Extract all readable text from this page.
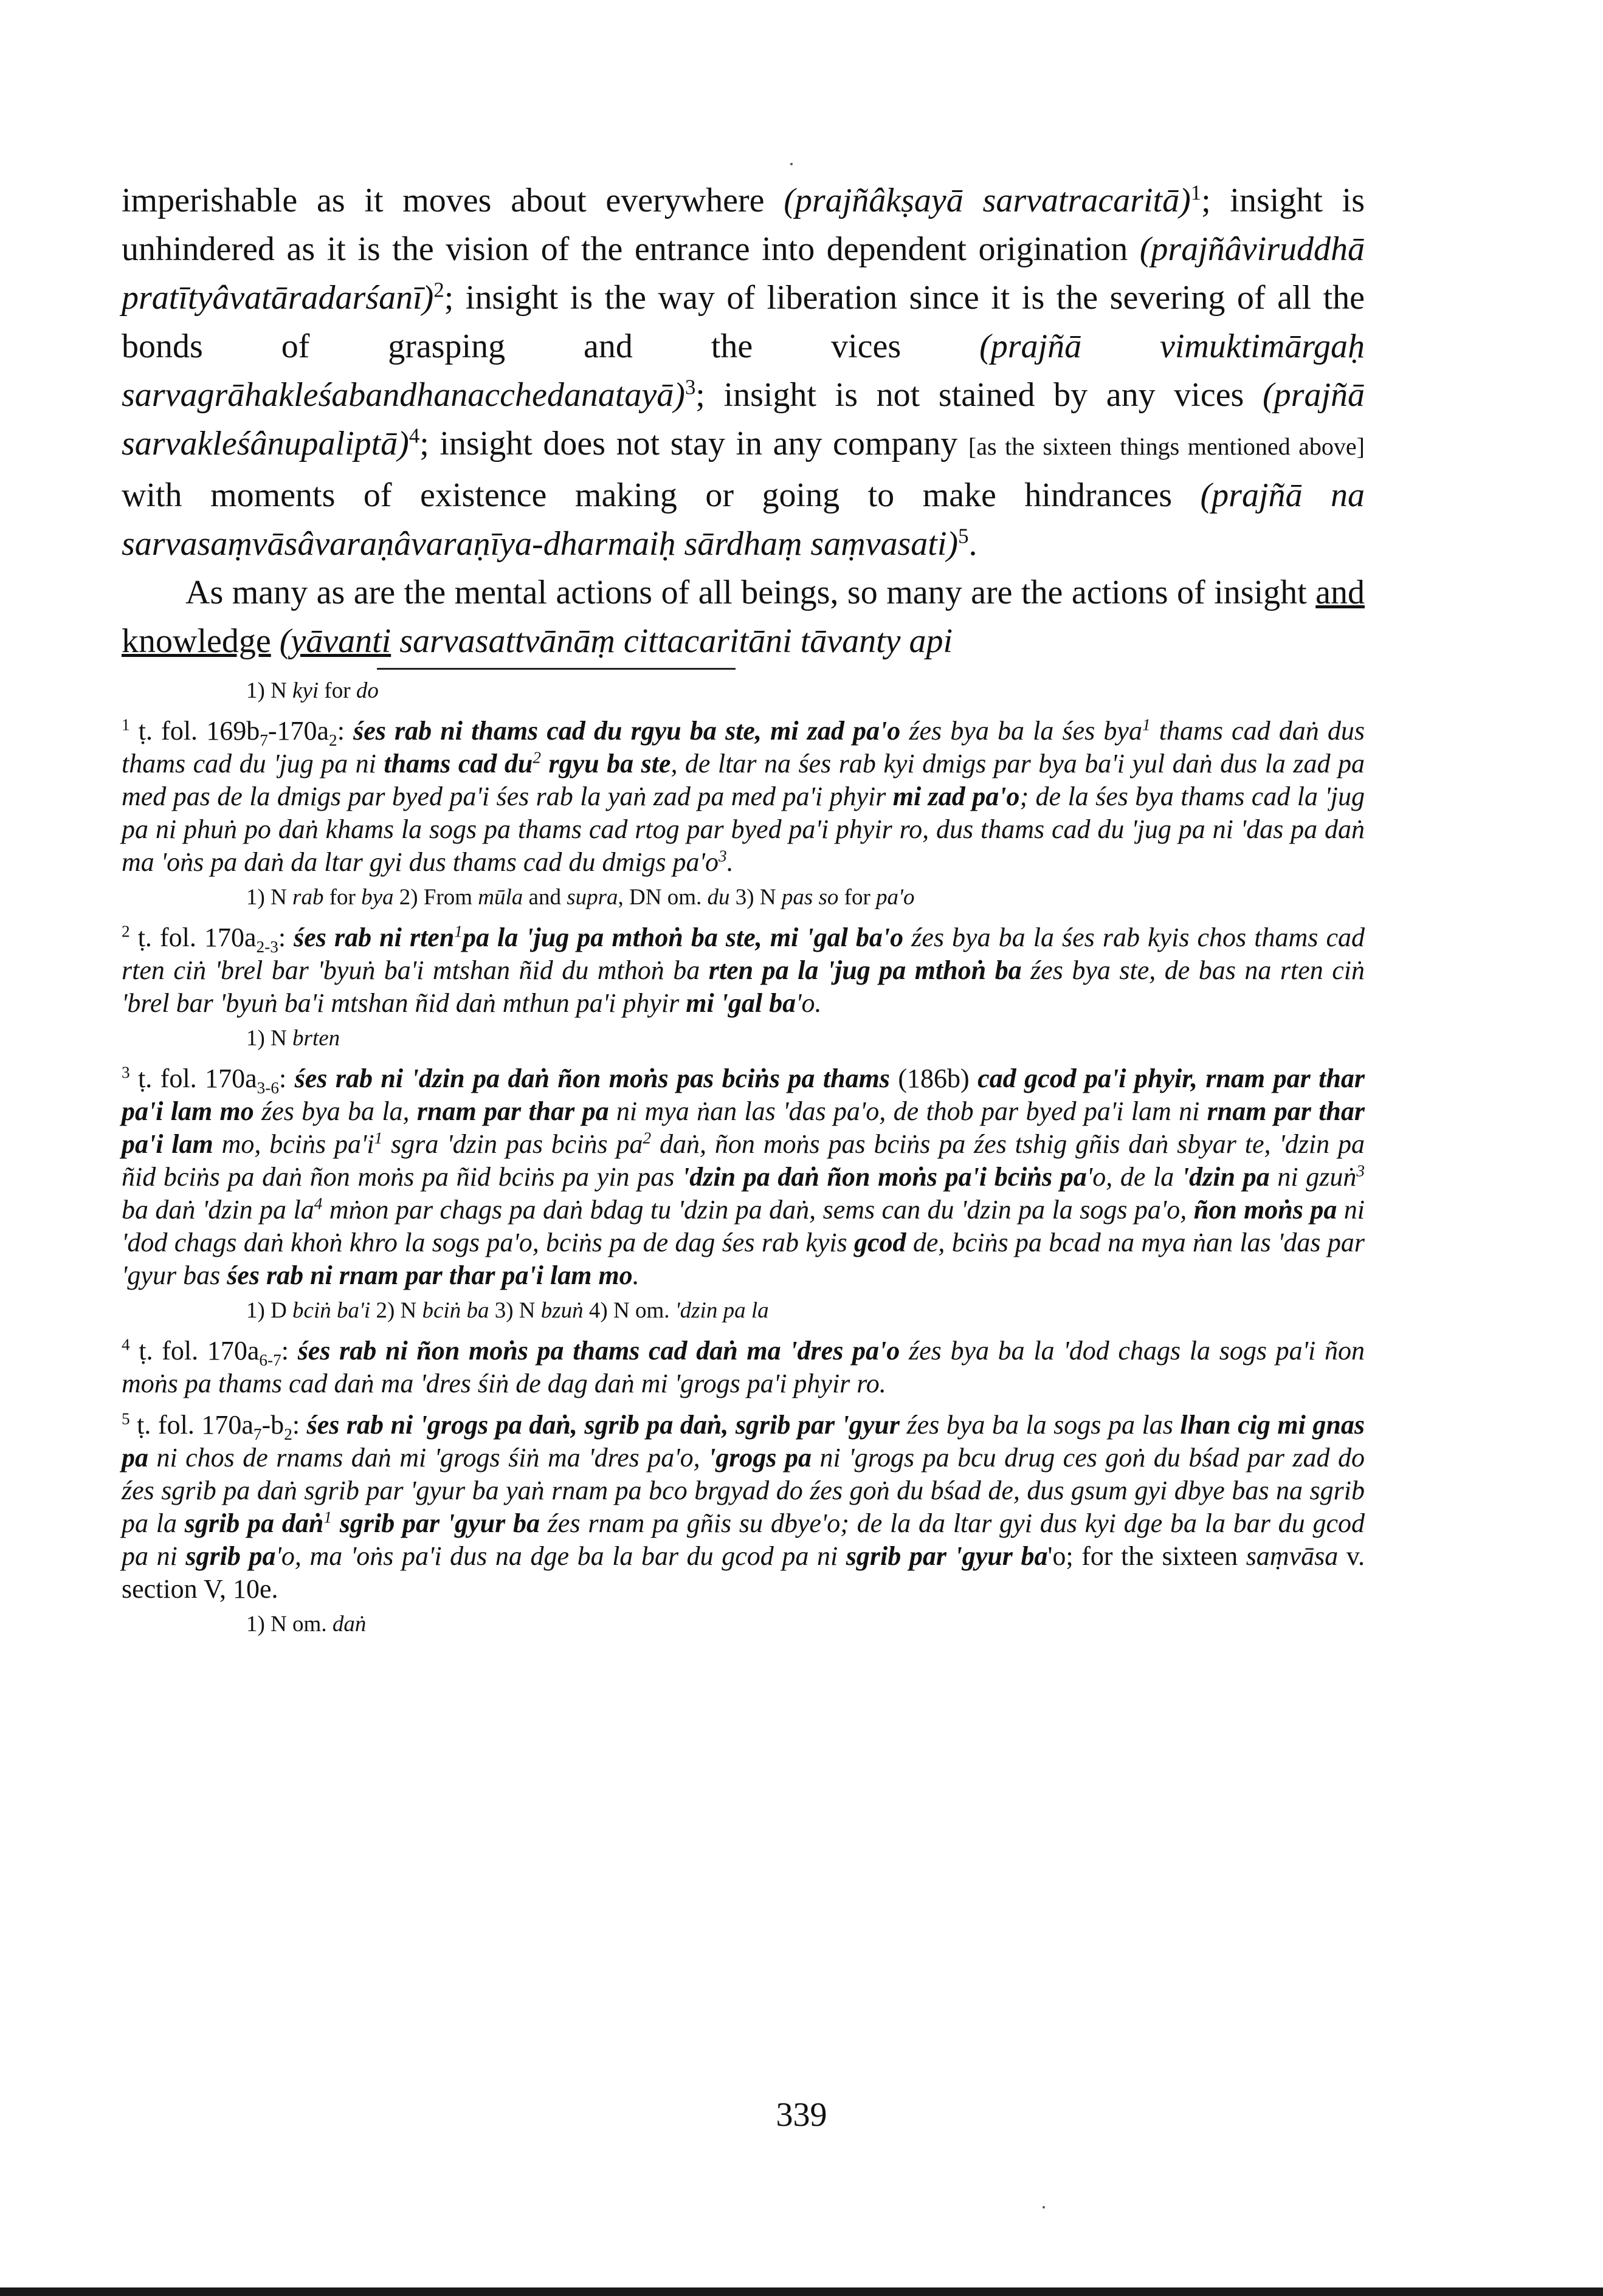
imperishable as it moves about everywhere (prajñâkṣayā sarvatracaritā)$^1$; insight is unhindered as it is the vision of the entrance into dependent origination (prajñâviruddhā pratītyâvatāradarśanī)$^2$; insight is the way of liberation since it is the severing of all the bonds of grasping and the vices (prajñā vimuktimārgaḥ sarvagrāhakleśabandhanacchedanatayā)$^3$; insight is not stained by any vices (prajñā sarvakleśânupaliptā)$^4$; insight does not stay in any company [as the sixteen things mentioned above] with moments of existence making or going to make hindrances (prajñā na sarvasaṃvāsâvaraṇâvaraṇīya-dharmaiḥ sārdhaṃ saṃvasati)$^5$.

As many as are the mental actions of all beings, so many are the actions of insight and knowledge (yāvanti sarvasattvānāṃ cittacaritāni tāvanty api

1) N kyi for do

$^1$ ṭ. fol. $169b_7-170a_2$: śes rab ni thams cad du rgyu ba ste, mi zad pa'o źes bya ba la śes bya$^1$ thams cad daṅ dus thams cad du 'jug pa ni thams cad $du^2$ rgyu ba ste, de ltar na śes rab kyi dmigs par bya ba'i yul daṅ dus la zad pa med pas de la dmigs par byed pa'i śes rab la yaṅ zad pa med pa'i phyir mi zad pa'o; de la śes bya thams cad la 'jug pa ni phuṅ po daṅ khams la sogs pa thams cad rtog par byed pa'i phyir ro, dus thams cad du 'jug pa ni 'das pa daṅ ma 'oṅs pa daṅ da ltar gyi dus thams cad du dmigs $pa'o^3$.

1) N rab for bya 2) From mūla and supra, DN om. du 3) N pas so for pa'o

$^2$ ṭ. fol. $170a_{2-3}$: śes rab ni rten$^1$pa la 'jug pa mthoṅ ba ste, mi 'gal ba'o źes bya ba la śes rab kyis chos thams cad rten ciṅ 'brel bar 'byuṅ ba'i mtshan ñid du mthoṅ ba rten pa la 'jug pa mthoṅ ba źes bya ste, de bas na rten ciṅ 'brel bar 'byuṅ ba'i mtshan ñid daṅ mthun pa'i phyir mi 'gal ba'o.

1) N brten

$^3$ ṭ. fol. $170a_{3-6}$: śes rab ni 'dzin pa daṅ ñon moṅs pas bciṅs pa thams (186b) cad gcod pa'i phyir, rnam par thar pa'i lam mo źes bya ba la, rnam par thar pa ni mya ṅan las 'das pa'o, de thob par byed pa'i lam ni rnam par thar pa'i lam mo, bciṅs $pa'i^1$ sgra 'dzin pas bciṅs $pa^2$ daṅ, ñon moṅs pas bciṅs pa źes tshig gñis daṅ sbyar te, 'dzin pa ñid bciṅs pa daṅ ñon moṅs pa ñid bciṅs pa yin pas 'dzin pa daṅ ñon moṅs pa'i bciṅs pa'o, de la 'dzin pa ni gzuṅ$^3$ ba daṅ 'dzin pa $la^4$ mṅon par chags pa daṅ bdag tu 'dzin pa daṅ, sems can du 'dzin pa la sogs pa'o, ñon moṅs pa ni 'dod chags daṅ khoṅ khro la sogs pa'o, bciṅs pa de dag śes rab kyis gcod de, bciṅs pa bcad na mya ṅan las 'das par 'gyur bas śes rab ni rnam par thar pa'i lam mo.

1) D bciṅ ba'i 2) N bciṅ ba 3) N bzuṅ 4) N om. 'dzin pa la

$^4$ ṭ. fol. $170a_{6-7}$: śes rab ni ñon moṅs pa thams cad daṅ ma 'dres pa'o źes bya ba la 'dod chags la sogs pa'i ñon moṅs pa thams cad daṅ ma 'dres śiṅ de dag daṅ mi 'grogs pa'i phyir ro.
$^5$ ṭ. fol. $170a_7-b_2$: śes rab ni 'grogs pa daṅ, sgrib pa daṅ, sgrib par 'gyur źes bya ba la sogs pa las lhan cig mi gnas pa ni chos de rnams daṅ mi 'grogs śiṅ ma 'dres pa'o, 'grogs pa ni 'grogs pa bcu drug ces goṅ du bśad par zad do źes sgrib pa daṅ sgrib par 'gyur ba yaṅ rnam pa bco brgyad do źes goṅ du bśad de, dus gsum gyi dbye bas na sgrib pa la sgrib pa daṅ$^1$ sgrib par 'gyur ba źes rnam pa gñis su dbye'o; de la da ltar gyi dus kyi dge ba la bar du gcod pa ni sgrib pa'o, ma 'oṅs pa'i dus na dge ba la bar du gcod pa ni sgrib par 'gyur ba'o; for the sixteen saṃvāsa v. section V, 10e.

1) N om. daṅ

339
